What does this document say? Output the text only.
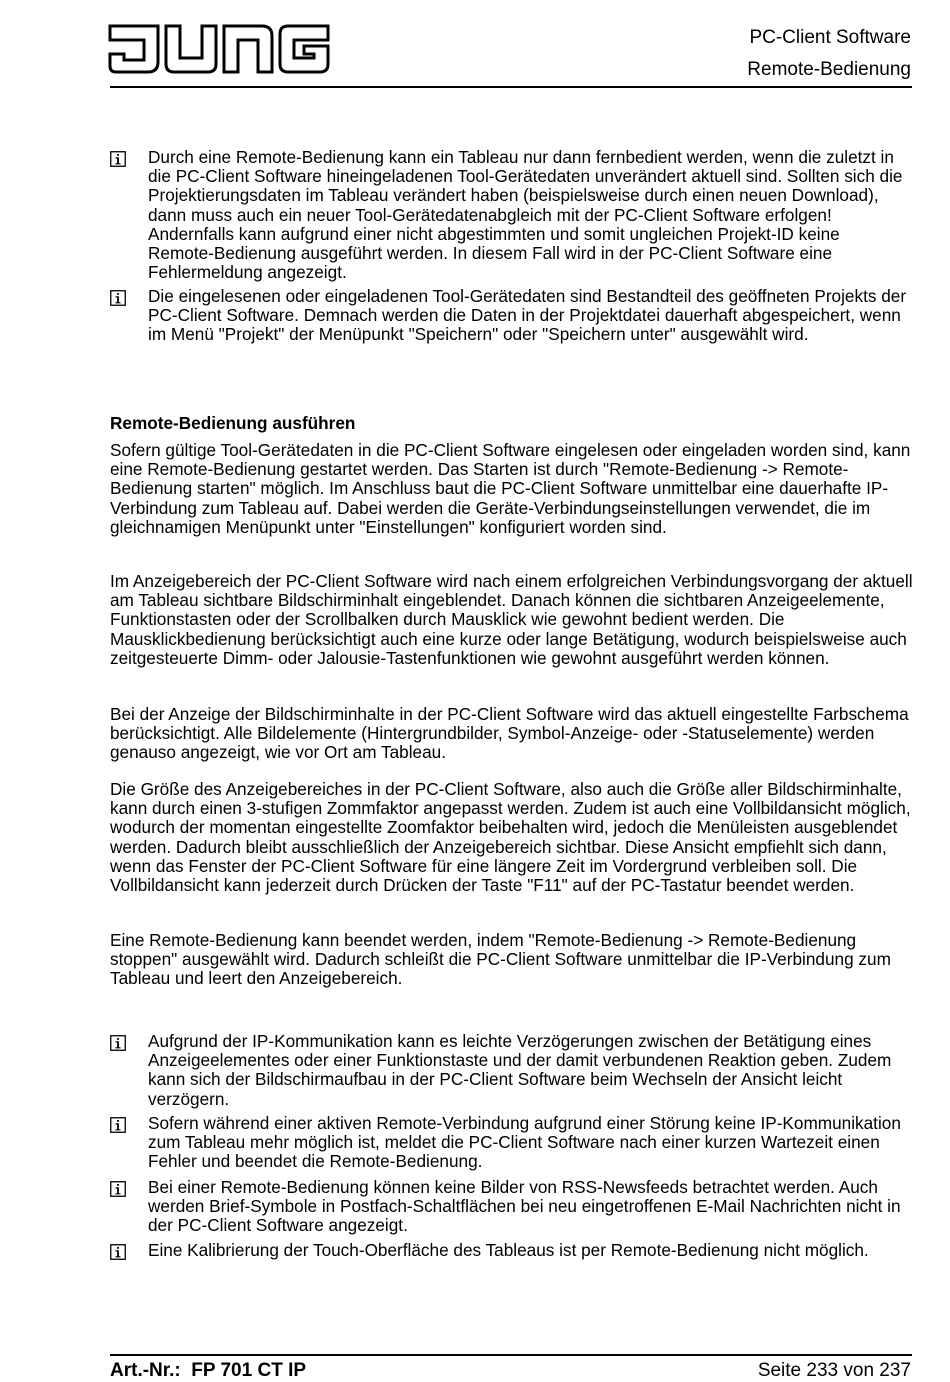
PC-Client Software
Remote-Bedienung
Durch eine Remote-Bedienung kann ein Tableau nur dann fernbedient werden, wenn die zuletzt in die PC-Client Software hineingeladenen Tool-Gerätedaten unverändert aktuell sind. Sollten sich die Projektierungsdaten im Tableau verändert haben (beispielsweise durch einen neuen Download), dann muss auch ein neuer Tool-Gerätedatenabgleich mit der PC-Client Software erfolgen! Andernfalls kann aufgrund einer nicht abgestimmten und somit ungleichen Projekt-ID keine Remote-Bedienung ausgeführt werden. In diesem Fall wird in der PC-Client Software eine Fehlermeldung angezeigt.
Die eingelesenen oder eingeladenen Tool-Gerätedaten sind Bestandteil des geöffneten Projekts der PC-Client Software. Demnach werden die Daten in der Projektdatei dauerhaft abgespeichert, wenn im Menü "Projekt" der Menüpunkt "Speichern" oder "Speichern unter" ausgewählt wird.
Remote-Bedienung ausführen
Sofern gültige Tool-Gerätedaten in die PC-Client Software eingelesen oder eingeladen worden sind, kann eine Remote-Bedienung gestartet werden. Das Starten ist durch "Remote-Bedienung -> Remote-Bedienung starten" möglich. Im Anschluss baut die PC-Client Software unmittelbar eine dauerhafte IP-Verbindung zum Tableau auf. Dabei werden die Geräte-Verbindungseinstellungen verwendet, die im gleichnamigen Menüpunkt unter "Einstellungen" konfiguriert worden sind.
Im Anzeigebereich der PC-Client Software wird nach einem erfolgreichen Verbindungsvorgang der aktuell am Tableau sichtbare Bildschirminhalt eingeblendet. Danach können die sichtbaren Anzeigeelemente, Funktionstasten oder der Scrollbalken durch Mausklick wie gewohnt bedient werden. Die Mausklickbedienung berücksichtigt auch eine kurze oder lange Betätigung, wodurch beispielsweise auch zeitgesteuerte Dimm- oder Jalousie-Tastenfunktionen wie gewohnt ausgeführt werden können.
Bei der Anzeige der Bildschirminhalte in der PC-Client Software wird das aktuell eingestellte Farbschema berücksichtigt. Alle Bildelemente (Hintergrundbilder, Symbol-Anzeige- oder -Statuselemente) werden genauso angezeigt, wie vor Ort am Tableau.
Die Größe des Anzeigebereiches in der PC-Client Software, also auch die Größe aller Bildschirminhalte, kann durch einen 3-stufigen Zommfaktor angepasst werden. Zudem ist auch eine Vollbildansicht möglich, wodurch der momentan eingestellte Zoomfaktor beibehalten wird, jedoch die Menüleisten ausgeblendet werden. Dadurch bleibt ausschließlich der Anzeigebereich sichtbar. Diese Ansicht empfiehlt sich dann, wenn das Fenster der PC-Client Software für eine längere Zeit im Vordergrund verbleiben soll. Die Vollbildansicht kann jederzeit durch Drücken der Taste "F11" auf der PC-Tastatur beendet werden.
Eine Remote-Bedienung kann beendet werden, indem "Remote-Bedienung -> Remote-Bedienung stoppen" ausgewählt wird. Dadurch schleißt die PC-Client Software unmittelbar die IP-Verbindung zum Tableau und leert den Anzeigebereich.
Aufgrund der IP-Kommunikation kann es leichte Verzögerungen zwischen der Betätigung eines Anzeigeelementes oder einer Funktionstaste und der damit verbundenen Reaktion geben. Zudem kann sich der Bildschirmaufbau in der PC-Client Software beim Wechseln der Ansicht leicht verzögern.
Sofern während einer aktiven Remote-Verbindung aufgrund einer Störung keine IP-Kommunikation zum Tableau mehr möglich ist, meldet die PC-Client Software nach einer kurzen Wartezeit einen Fehler und beendet die Remote-Bedienung.
Bei einer Remote-Bedienung können keine Bilder von RSS-Newsfeeds betrachtet werden. Auch werden Brief-Symbole in Postfach-Schaltflächen bei neu eingetroffenen E-Mail Nachrichten nicht in der PC-Client Software angezeigt.
Eine Kalibrierung der Touch-Oberfläche des Tableaus ist per Remote-Bedienung nicht möglich.
Art.-Nr.:  FP 701 CT IP	Seite 233 von 237
